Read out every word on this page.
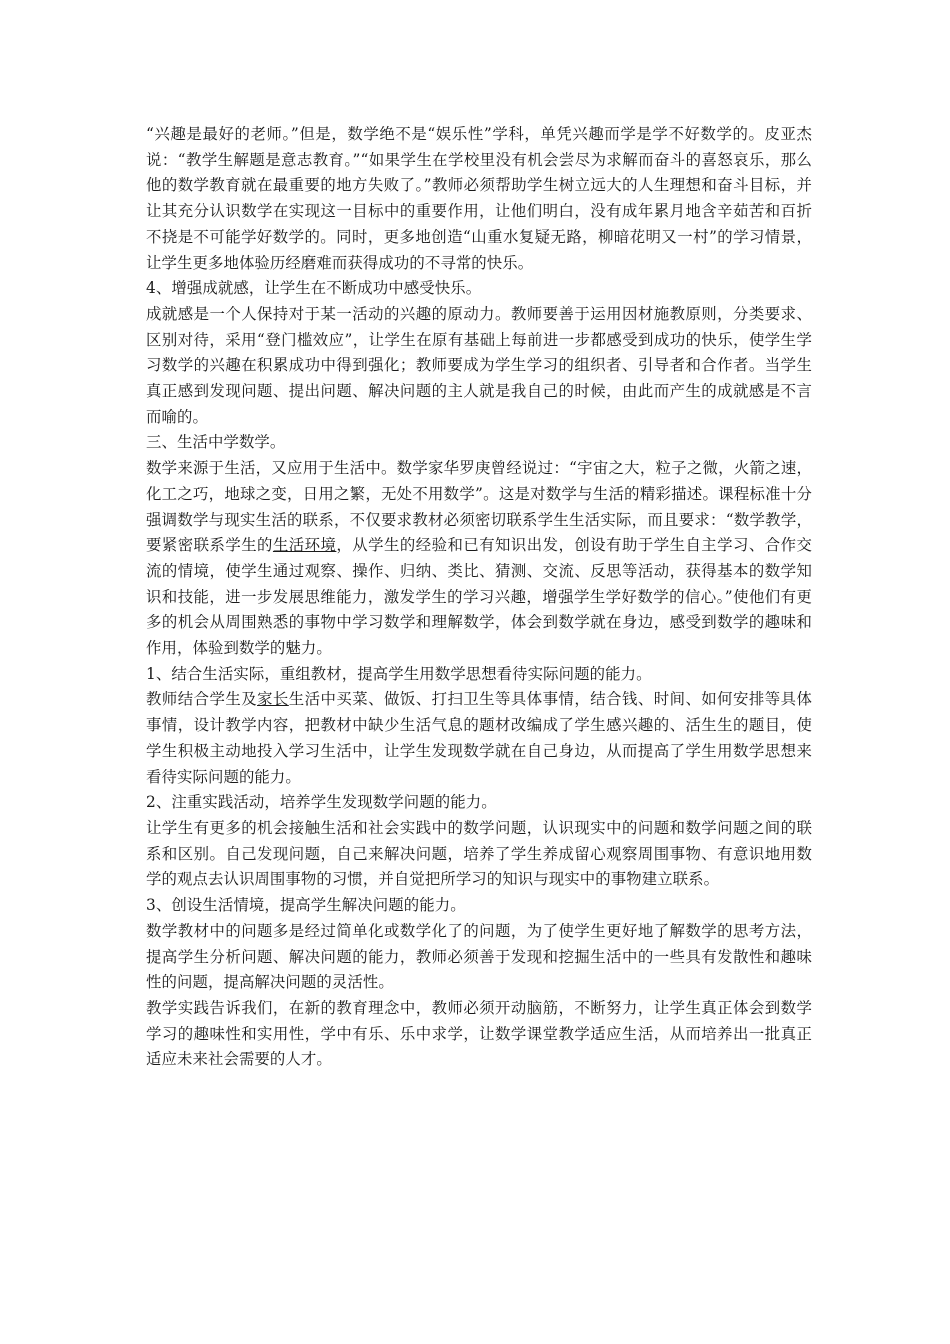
“兴趣是最好的老师。”但是，数学绝不是“娱乐性”学科，单凭兴趣而学是学不好数学的。皮亚杰说：“教学生解题是意志教育。”“如果学生在学校里没有机会尝尽为求解而奋斗的喜怒哀乐，那么他的数学教育就在最重要的地方失败了。”教师必须帮助学生树立远大的人生理想和奋斗目标，并让其充分认识数学在实现这一目标中的重要作用，让他们明白，没有成年累月地含辛茹苦和百折不挠是不可能学好数学的。同时，更多地创造“山重水复疑无路，柳暗花明又一村”的学习情景，让学生更多地体验历经磨难而获得成功的不寻常的快乐。

4、增强成就感，让学生在不断成功中感受快乐。

成就感是一个人保持对于某一活动的兴趣的原动力。教师要善于运用因材施教原则，分类要求、区别对待，采用“登门槛效应”，让学生在原有基础上每前进一步都感受到成功的快乐，使学生学习数学的兴趣在积累成功中得到强化；教师要成为学生学习的组织者、引导者和合作者。当学生真正感到发现问题、提出问题、解决问题的主人就是我自己的时候，由此而产生的成就感是不言而喻的。

三、生活中学数学。

数学来源于生活，又应用于生活中。数学家华罗庚曾经说过：“宇宙之大，粒子之微，火箭之速，化工之巧，地球之变，日用之繁，无处不用数学”。这是对数学与生活的精彩描述。课程标准十分强调数学与现实生活的联系，不仅要求教材必须密切联系学生生活实际，而且要求：“数学教学，要紧密联系学生的生活环境，从学生的经验和已有知识出发，创设有助于学生自主学习、合作交流的情境，使学生通过观察、操作、归纳、类比、猜测、交流、反思等活动，获得基本的数学知识和技能，进一步发展思维能力，激发学生的学习兴趣，增强学生学好数学的信心。”使他们有更多的机会从周围熟悉的事物中学习数学和理解数学，体会到数学就在身边，感受到数学的趣味和作用，体验到数学的魅力。

1、结合生活实际，重组教材，提高学生用数学思想看待实际问题的能力。

教师结合学生及家长生活中买菜、做饭、打扫卫生等具体事情，结合钱、时间、如何安排等具体事情，设计教学内容，把教材中缺少生活气息的题材改编成了学生感兴趣的、活生生的题目，使学生积极主动地投入学习生活中，让学生发现数学就在自己身边，从而提高了学生用数学思想来看待实际问题的能力。

2、注重实践活动，培养学生发现数学问题的能力。

让学生有更多的机会接触生活和社会实践中的数学问题，认识现实中的问题和数学问题之间的联系和区别。自己发现问题，自己来解决问题，培养了学生养成留心观察周围事物、有意识地用数学的观点去认识周围事物的习惯，并自觉把所学习的知识与现实中的事物建立联系。

3、创设生活情境，提高学生解决问题的能力。

数学教材中的问题多是经过简单化或数学化了的问题，为了使学生更好地了解数学的思考方法，提高学生分析问题、解决问题的能力，教师必须善于发现和挖掘生活中的一些具有发散性和趣味性的问题，提高解决问题的灵活性。

教学实践告诉我们，在新的教育理念中，教师必须开动脑筋，不断努力，让学生真正体会到数学学习的趣味性和实用性，学中有乐、乐中求学，让数学课堂教学适应生活，从而培养出一批真正适应未来社会需要的人才。
